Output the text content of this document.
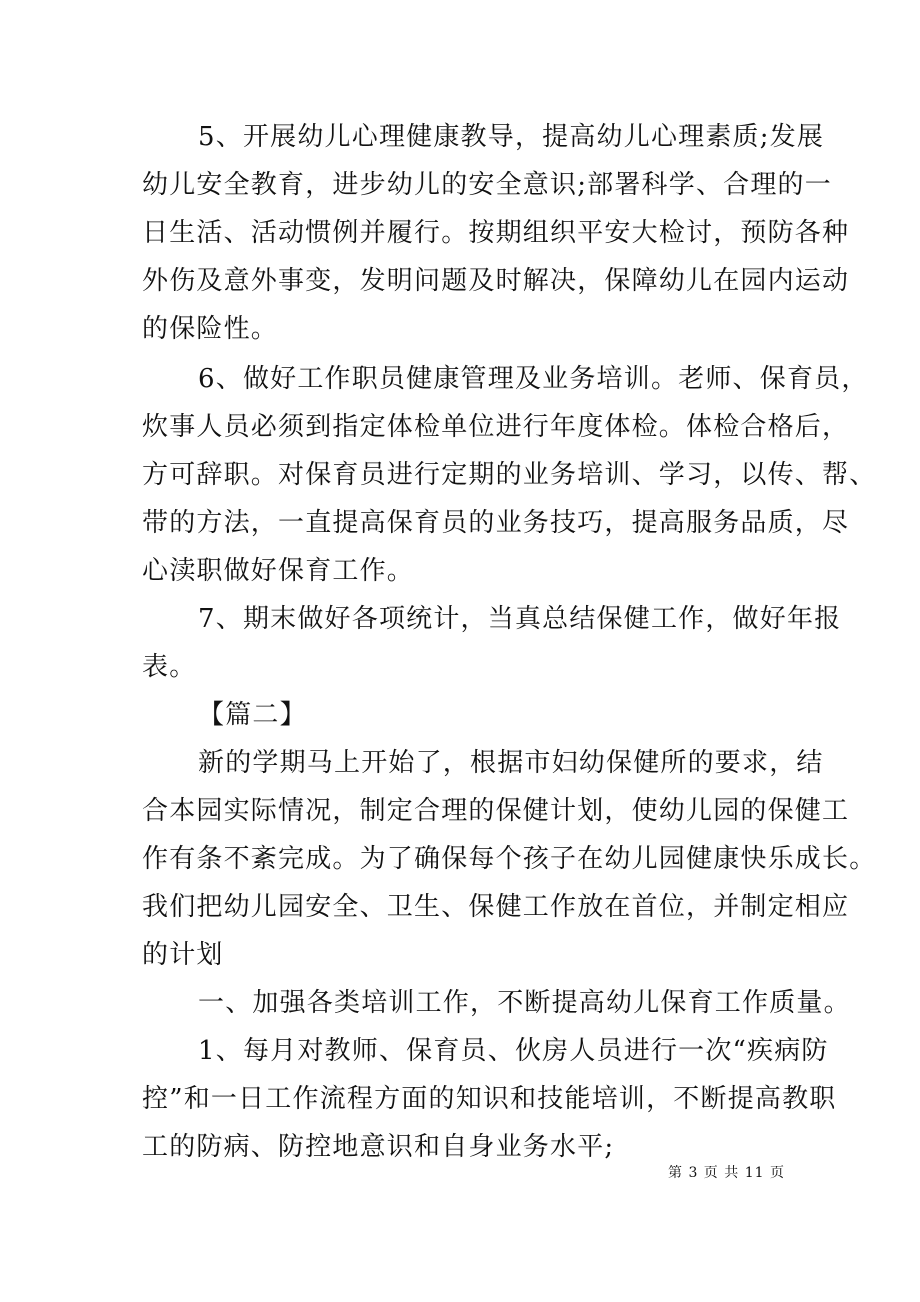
5、开展幼儿心理健康教导，提高幼儿心理素质;发展
幼儿安全教育，进步幼儿的安全意识;部署科学、合理的一
日生活、活动惯例并履行。按期组织平安大检讨，预防各种
外伤及意外事变，发明问题及时解决，保障幼儿在园内运动
的保险性。
6、做好工作职员健康管理及业务培训。老师、保育员，
炊事人员必须到指定体检单位进行年度体检。体检合格后，
方可辞职。对保育员进行定期的业务培训、学习，以传、帮、
带的方法，一直提高保育员的业务技巧，提高服务品质，尽
心渎职做好保育工作。
7、期末做好各项统计，当真总结保健工作，做好年报
表。
【篇二】
新的学期马上开始了，根据市妇幼保健所的要求，结
合本园实际情况，制定合理的保健计划，使幼儿园的保健工
作有条不紊完成。为了确保每个孩子在幼儿园健康快乐成长。
我们把幼儿园安全、卫生、保健工作放在首位，并制定相应
的计划
一、加强各类培训工作，不断提高幼儿保育工作质量。
1、每月对教师、保育员、伙房人员进行一次“疾病防
控”和一日工作流程方面的知识和技能培训，不断提高教职
工的防病、防控地意识和自身业务水平;
第 3 页 共 11 页
